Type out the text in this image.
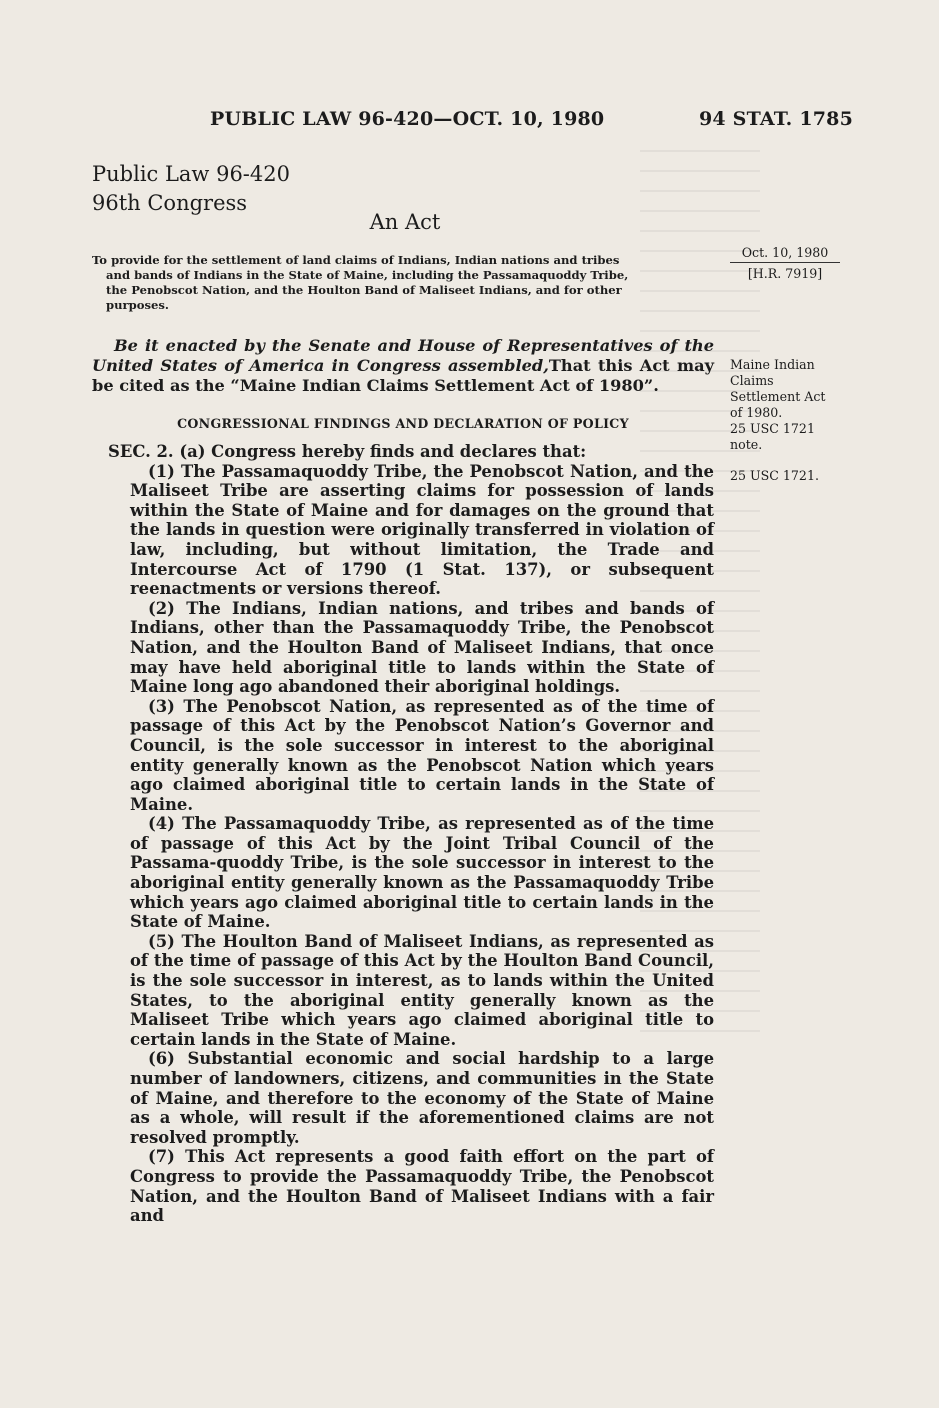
PUBLIC LAW 96-420—OCT. 10, 1980	94 STAT. 1785
Public Law 96-420
96th Congress
An Act
To provide for the settlement of land claims of Indians, Indian nations and tribes
and bands of Indians in the State of Maine, including the Passamaquoddy Tribe,
the Penobscot Nation, and the Houlton Band of Maliseet Indians, and for other
purposes.
Be it enacted by the Senate and House of Representatives of the United States of America in Congress assembled,That this Act may be cited as the “Maine Indian Claims Settlement Act of 1980”.
CONGRESSIONAL FINDINGS AND DECLARATION OF POLICY

SEC. 2. (a) Congress hereby finds and declares that:

(1) The Passamaquoddy Tribe, the Penobscot Nation, and the Maliseet Tribe are asserting claims for possession of lands within the State of Maine and for damages on the ground that the lands in question were originally transferred in violation of law, including, but without limitation, the Trade and Intercourse Act of 1790 (1 Stat. 137), or subsequent reenactments or versions thereof.

(2) The Indians, Indian nations, and tribes and bands of Indians, other than the Passamaquoddy Tribe, the Penobscot Nation, and the Houlton Band of Maliseet Indians, that once may have held aboriginal title to lands within the State of Maine long ago abandoned their aboriginal holdings.

(3) The Penobscot Nation, as represented as of the time of passage of this Act by the Penobscot Nation’s Governor and Council, is the sole successor in interest to the aboriginal entity generally known as the Penobscot Nation which years ago claimed aboriginal title to certain lands in the State of Maine.

(4) The Passamaquoddy Tribe, as represented as of the time of passage of this Act by the Joint Tribal Council of the Passama-quoddy Tribe, is the sole successor in interest to the aboriginal entity generally known as the Passamaquoddy Tribe which years ago claimed aboriginal title to certain lands in the State of Maine.

(5) The Houlton Band of Maliseet Indians, as represented as of the time of passage of this Act by the Houlton Band Council, is the sole successor in interest, as to lands within the United States, to the aboriginal entity generally known as the Maliseet Tribe which years ago claimed aboriginal title to certain lands in the State of Maine.

(6) Substantial economic and social hardship to a large number of landowners, citizens, and communities in the State of Maine, and therefore to the economy of the State of Maine as a whole, will result if the aforementioned claims are not resolved promptly.

(7) This Act represents a good faith effort on the part of Congress to provide the Passamaquoddy Tribe, the Penobscot Nation, and the Houlton Band of Maliseet Indians with a fair and

Oct. 10, 1980
[H.R. 7919]
Maine Indian Claims Settlement Act of 1980.
25 USC 1721 note.
25 USC 1721.
